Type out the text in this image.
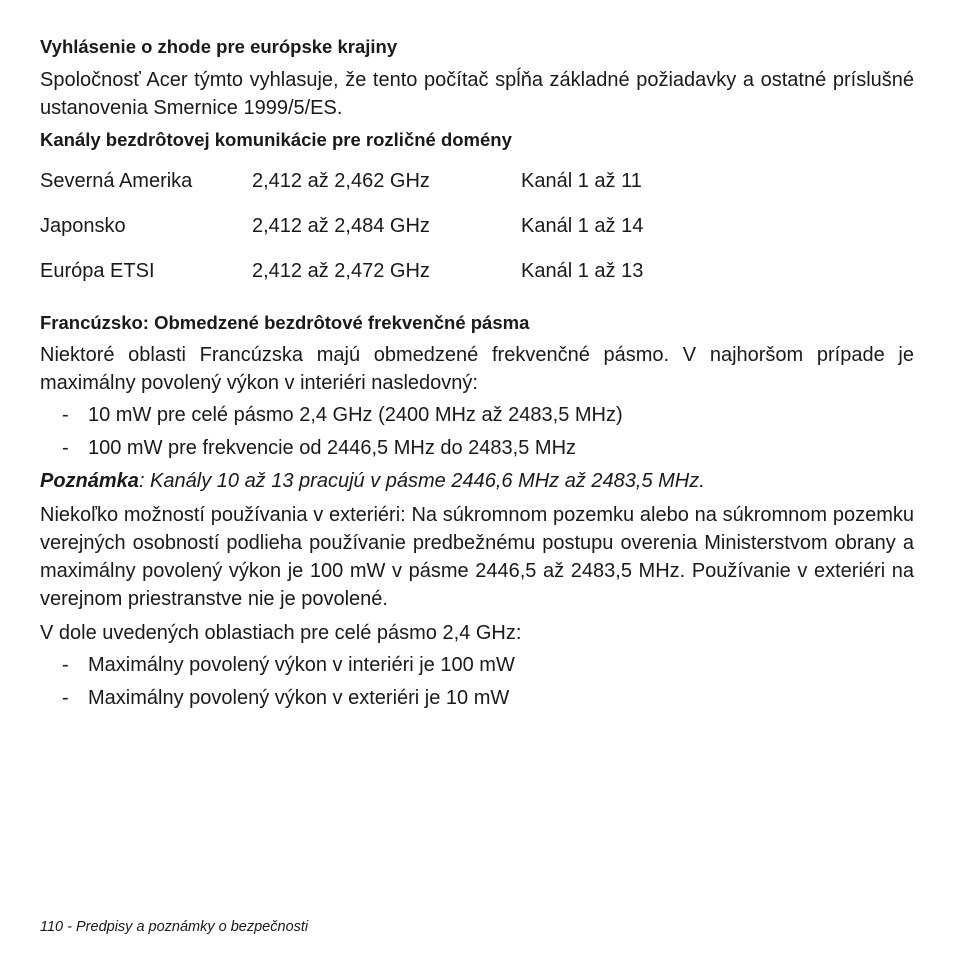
Vyhlásenie o zhode pre európske krajiny

Spoločnosť Acer týmto vyhlasuje, že tento počítač spĺňa základné požiadavky a ostatné príslušné ustanovenia Smernice 1999/5/ES.

Kanály bezdrôtovej komunikácie pre rozličné domény
Severná Amerika	2,412 až 2,462 GHz	Kanál 1 až 11
Japonsko	2,412 až 2,484 GHz	Kanál 1 až 14
Európa ETSI	2,412 až 2,472 GHz	Kanál 1 až 13
Francúzsko: Obmedzené bezdrôtové frekvenčné pásma

Niektoré oblasti Francúzska majú obmedzené frekvenčné pásmo. V najhoršom prípade je maximálny povolený výkon v interiéri nasledovný:

- 10 mW pre celé pásmo 2,4 GHz (2400 MHz až 2483,5 MHz)
- 100 mW pre frekvencie od 2446,5 MHz do 2483,5 MHz

Poznámka: Kanály 10 až 13 pracujú v pásme 2446,6 MHz až 2483,5 MHz.

Niekoľko možností používania v exteriéri: Na súkromnom pozemku alebo na súkromnom pozemku verejných osobností podlieha používanie predbežnému postupu overenia Ministerstvom obrany a maximálny povolený výkon je 100 mW v pásme 2446,5 až 2483,5 MHz. Používanie v exteriéri na verejnom priestranstve nie je povolené.

V dole uvedených oblastiach pre celé pásmo 2,4 GHz:

- Maximálny povolený výkon v interiéri je 100 mW
- Maximálny povolený výkon v exteriéri je 10 mW
110 - Predpisy a poznámky o bezpečnosti
